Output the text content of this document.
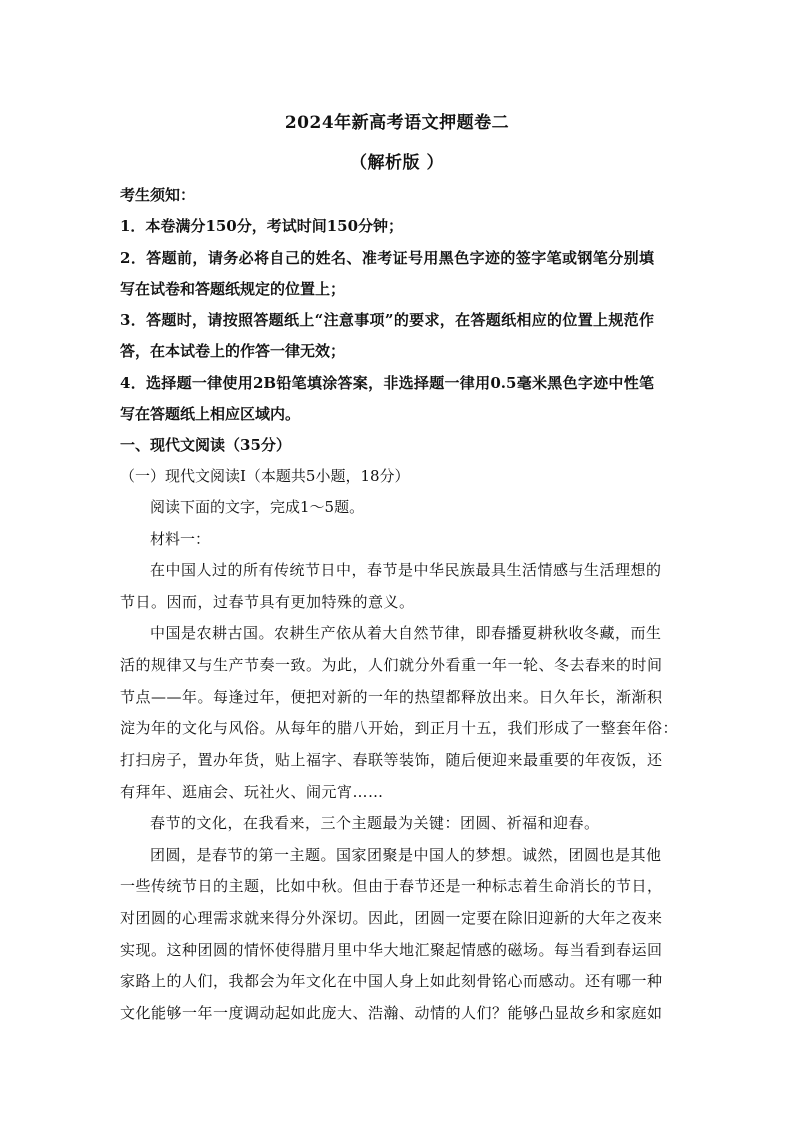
2024年新高考语文押题卷二
（解析版 ）
考生须知：
1．本卷满分150分，考试时间150分钟；
2．答题前，请务必将自己的姓名、准考证号用黑色字迹的签字笔或钢笔分别填
写在试卷和答题纸规定的位置上；
3．答题时，请按照答题纸上“注意事项”的要求，在答题纸相应的位置上规范作
答，在本试卷上的作答一律无效；
4．选择题一律使用2B铅笔填涂答案，非选择题一律用0.5毫米黑色字迹中性笔
写在答题纸上相应区域内。
一、现代文阅读（35分）
（一）现代文阅读Ⅰ（本题共5小题，18分）
阅读下面的文字，完成1～5题。
材料一：
在中国人过的所有传统节日中，春节是中华民族最具生活情感与生活理想的
节日。因而，过春节具有更加特殊的意义。
中国是农耕古国。农耕生产依从着大自然节律，即春播夏耕秋收冬藏，而生
活的规律又与生产节奏一致。为此，人们就分外看重一年一轮、冬去春来的时间
节点——年。每逢过年，便把对新的一年的热望都释放出来。日久年长，渐渐积
淀为年的文化与风俗。从每年的腊八开始，到正月十五，我们形成了一整套年俗：
打扫房子，置办年货，贴上福字、春联等装饰，随后便迎来最重要的年夜饭，还
有拜年、逛庙会、玩社火、闹元宵……
春节的文化，在我看来，三个主题最为关键：团圆、祈福和迎春。
团圆，是春节的第一主题。国家团聚是中国人的梦想。诚然，团圆也是其他
一些传统节日的主题，比如中秋。但由于春节还是一种标志着生命消长的节日，
对团圆的心理需求就来得分外深切。因此，团圆一定要在除旧迎新的大年之夜来
实现。这种团圆的情怀使得腊月里中华大地汇聚起情感的磁场。每当看到春运回
家路上的人们，我都会为年文化在中国人身上如此刻骨铭心而感动。还有哪一种
文化能够一年一度调动起如此庞大、浩瀚、动情的人们？能够凸显故乡和家庭如
